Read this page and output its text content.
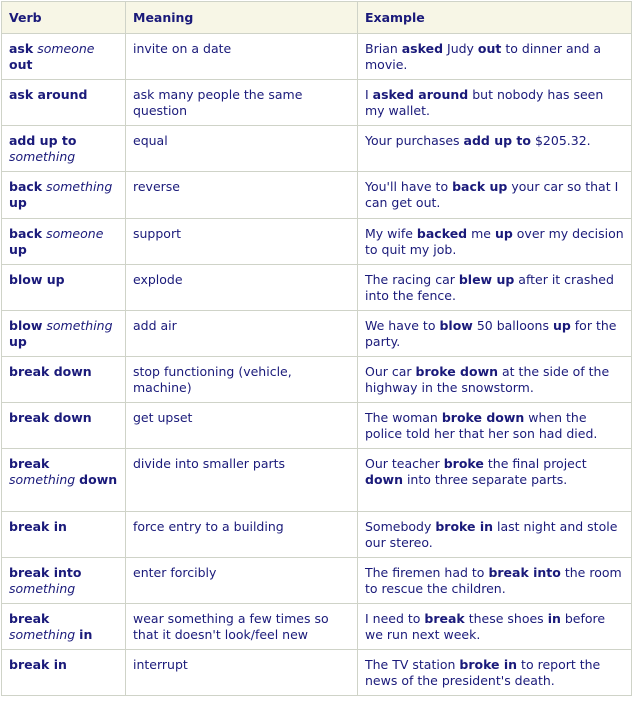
Verb	Meaning	Example
ask someone out	invite on a date	Brian asked Judy out to dinner and a movie.
ask around	ask many people the same question	I asked around but nobody has seen my wallet.
add up to something	equal	Your purchases add up to $205.32.
back something up	reverse	You'll have to back up your car so that I can get out.
back someone up	support	My wife backed me up over my decision to quit my job.
blow up	explode	The racing car blew up after it crashed into the fence.
blow something up	add air	We have to blow 50 balloons up for the party.
break down	stop functioning (vehicle, machine)	Our car broke down at the side of the highway in the snowstorm.
break down	get upset	The woman broke down when the police told her that her son had died.
break something down	divide into smaller parts	Our teacher broke the final project down into three separate parts.
break in	force entry to a building	Somebody broke in last night and stole our stereo.
break into something	enter forcibly	The firemen had to break into the room to rescue the children.
break something in	wear something a few times so that it doesn't look/feel new	I need to break these shoes in before we run next week.
break in	interrupt	The TV station broke in to report the news of the president's death.
